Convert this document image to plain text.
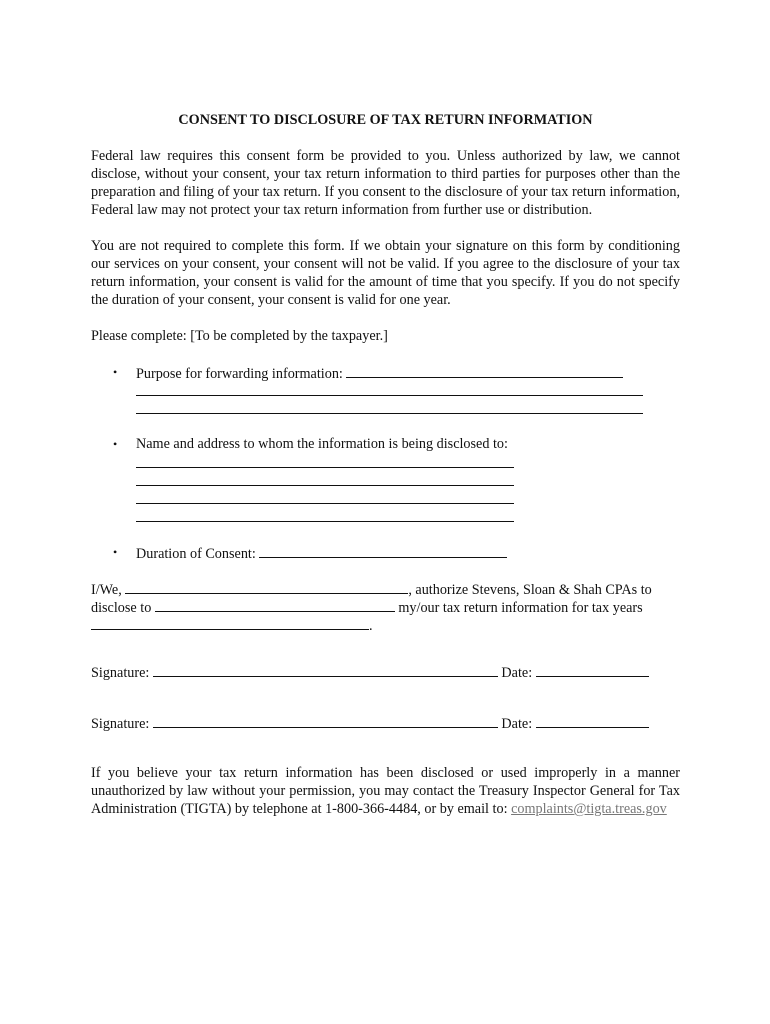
CONSENT TO DISCLOSURE OF TAX RETURN INFORMATION

Federal law requires this consent form be provided to you. Unless authorized by law, we cannot disclose, without your consent, your tax return information to third parties for purposes other than the preparation and filing of your tax return. If you consent to the disclosure of your tax return information, Federal law may not protect your tax return information from further use or distribution.

You are not required to complete this form. If we obtain your signature on this form by conditioning our services on your consent, your consent will not be valid. If you agree to the disclosure of your tax return information, your consent is valid for the amount of time that you specify. If you do not specify the duration of your consent, your consent is valid for one year.

Please complete: [To be completed by the taxpayer.]
• Purpose for forwarding information:
• Name and address to whom the information is being disclosed to:
• Duration of Consent:
I/We,	, authorize Stevens, Sloan & Shah CPAs to
disclose to	my/our tax return information for tax years
.
Signature:	Date:
Signature:	Date:

If you believe your tax return information has been disclosed or used improperly in a manner unauthorized by law without your permission, you may contact the Treasury Inspector General for Tax Administration (TIGTA) by telephone at 1-800-366-4484, or by email to: complaints@tigta.treas.gov
